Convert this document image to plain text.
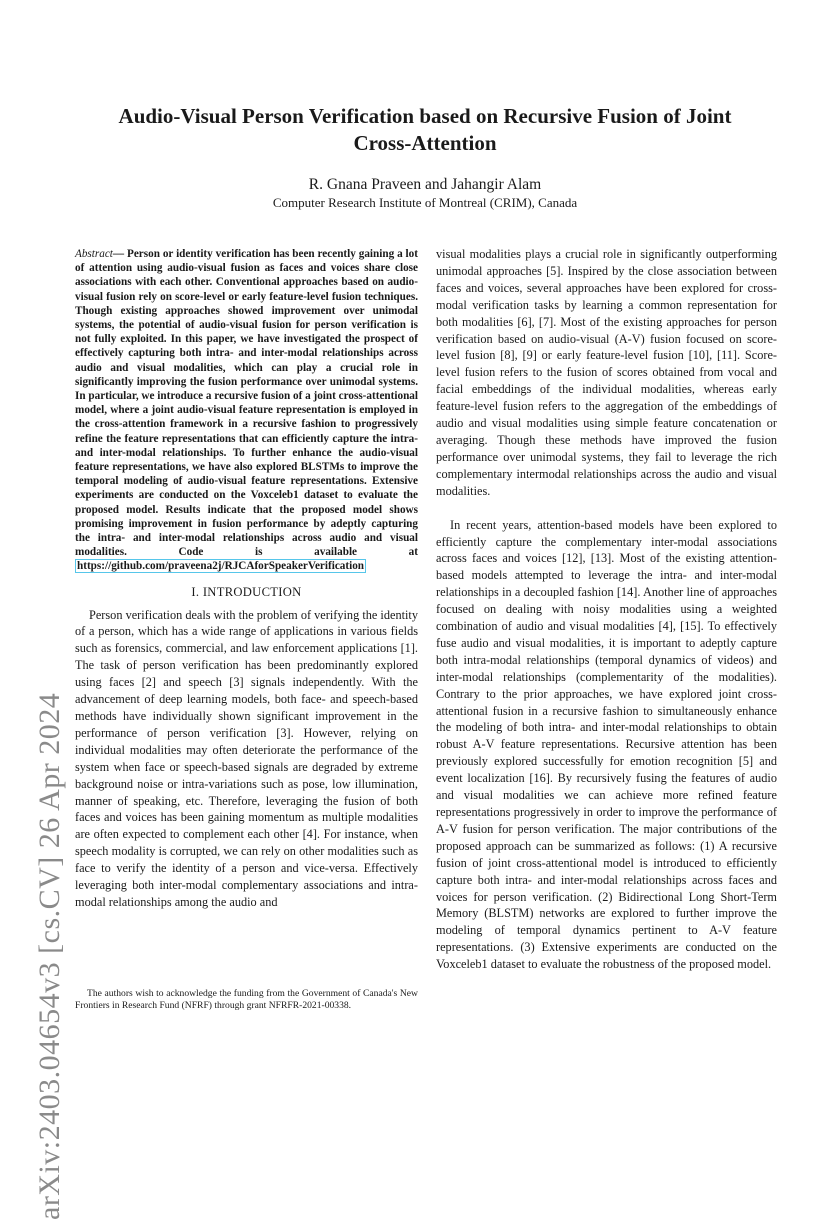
arXiv:2403.04654v3 [cs.CV] 26 Apr 2024
Audio-Visual Person Verification based on Recursive Fusion of Joint Cross-Attention
R. Gnana Praveen and Jahangir Alam
Computer Research Institute of Montreal (CRIM), Canada
Abstract— Person or identity verification has been recently gaining a lot of attention using audio-visual fusion as faces and voices share close associations with each other. Conventional approaches based on audio-visual fusion rely on score-level or early feature-level fusion techniques. Though existing approaches showed improvement over unimodal systems, the potential of audio-visual fusion for person verification is not fully exploited. In this paper, we have investigated the prospect of effectively capturing both intra- and inter-modal relationships across audio and visual modalities, which can play a crucial role in significantly improving the fusion performance over unimodal systems. In particular, we introduce a recursive fusion of a joint cross-attentional model, where a joint audio-visual feature representation is employed in the cross-attention framework in a recursive fashion to progressively refine the feature representations that can efficiently capture the intra- and inter-modal relationships. To further enhance the audio-visual feature representations, we have also explored BLSTMs to improve the temporal modeling of audio-visual feature representations. Extensive experiments are conducted on the Voxceleb1 dataset to evaluate the proposed model. Results indicate that the proposed model shows promising improvement in fusion performance by adeptly capturing the intra- and inter-modal relationships across audio and visual modalities. Code is available at https://github.com/praveena2j/RJCAforSpeakerVerification
I. INTRODUCTION

Person verification deals with the problem of verifying the identity of a person, which has a wide range of applications in various fields such as forensics, commercial, and law enforcement applications [1]. The task of person verification has been predominantly explored using faces [2] and speech [3] signals independently. With the advancement of deep learning models, both face- and speech-based methods have individually shown significant improvement in the performance of person verification [3]. However, relying on individual modalities may often deteriorate the performance of the system when face or speech-based signals are degraded by extreme background noise or intra-variations such as pose, low illumination, manner of speaking, etc. Therefore, leveraging the fusion of both faces and voices has been gaining momentum as multiple modalities are often expected to complement each other [4]. For instance, when speech modality is corrupted, we can rely on other modalities such as face to verify the identity of a person and vice-versa. Effectively leveraging both inter-modal complementary associations and intra-modal relationships among the audio and

The authors wish to acknowledge the funding from the Government of Canada's New Frontiers in Research Fund (NFRF) through grant NFRFR-2021-00338.

visual modalities plays a crucial role in significantly outperforming unimodal approaches [5]. Inspired by the close association between faces and voices, several approaches have been explored for cross-modal verification tasks by learning a common representation for both modalities [6], [7]. Most of the existing approaches for person verification based on audio-visual (A-V) fusion focused on score-level fusion [8], [9] or early feature-level fusion [10], [11]. Score-level fusion refers to the fusion of scores obtained from vocal and facial embeddings of the individual modalities, whereas early feature-level fusion refers to the aggregation of the embeddings of audio and visual modalities using simple feature concatenation or averaging. Though these methods have improved the fusion performance over unimodal systems, they fail to leverage the rich complementary intermodal relationships across the audio and visual modalities.

In recent years, attention-based models have been explored to efficiently capture the complementary inter-modal associations across faces and voices [12], [13]. Most of the existing attention-based models attempted to leverage the intra- and inter-modal relationships in a decoupled fashion [14]. Another line of approaches focused on dealing with noisy modalities using a weighted combination of audio and visual modalities [4], [15]. To effectively fuse audio and visual modalities, it is important to adeptly capture both intra-modal relationships (temporal dynamics of videos) and inter-modal relationships (complementarity of the modalities). Contrary to the prior approaches, we have explored joint cross-attentional fusion in a recursive fashion to simultaneously enhance the modeling of both intra- and inter-modal relationships to obtain robust A-V feature representations. Recursive attention has been previously explored successfully for emotion recognition [5] and event localization [16]. By recursively fusing the features of audio and visual modalities we can achieve more refined feature representations progressively in order to improve the performance of A-V fusion for person verification. The major contributions of the proposed approach can be summarized as follows: (1) A recursive fusion of joint cross-attentional model is introduced to efficiently capture both intra- and inter-modal relationships across faces and voices for person verification. (2) Bidirectional Long Short-Term Memory (BLSTM) networks are explored to further improve the modeling of temporal dynamics pertinent to A-V feature representations. (3) Extensive experiments are conducted on the Voxceleb1 dataset to evaluate the robustness of the proposed model.
